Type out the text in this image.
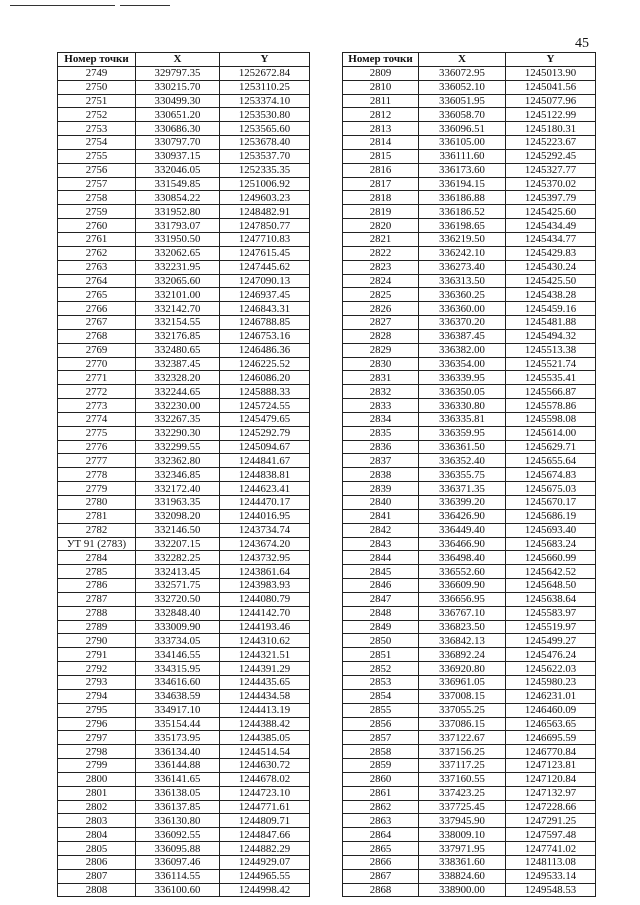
45
Номер точки	X	Y
2749	329797.35	1252672.84
2750	330215.70	1253110.25
2751	330499.30	1253374.10
2752	330651.20	1253530.80
2753	330686.30	1253565.60
2754	330797.70	1253678.40
2755	330937.15	1253537.70
2756	332046.05	1252335.35
2757	331549.85	1251006.92
2758	330854.22	1249603.23
2759	331952.80	1248482.91
2760	331793.07	1247850.77
2761	331950.50	1247710.83
2762	332062.65	1247615.45
2763	332231.95	1247445.62
2764	332065.60	1247090.13
2765	332101.00	1246937.45
2766	332142.70	1246843.31
2767	332154.55	1246788.85
2768	332176.85	1246753.16
2769	332480.65	1246486.36
2770	332387.45	1246225.52
2771	332328.20	1246086.20
2772	332244.65	1245888.33
2773	332230.00	1245724.55
2774	332267.35	1245479.65
2775	332290.30	1245292.79
2776	332299.55	1245094.67
2777	332362.80	1244841.67
2778	332346.85	1244838.81
2779	332172.40	1244623.41
2780	331963.35	1244470.17
2781	332098.20	1244016.95
2782	332146.50	1243734.74
УТ 91 (2783)	332207.15	1243674.20
2784	332282.25	1243732.95
2785	332413.45	1243861.64
2786	332571.75	1243983.93
2787	332720.50	1244080.79
2788	332848.40	1244142.70
2789	333009.90	1244193.46
2790	333734.05	1244310.62
2791	334146.55	1244321.51
2792	334315.95	1244391.29
2793	334616.60	1244435.65
2794	334638.59	1244434.58
2795	334917.10	1244413.19
2796	335154.44	1244388.42
2797	335173.95	1244385.05
2798	336134.40	1244514.54
2799	336144.88	1244630.72
2800	336141.65	1244678.02
2801	336138.05	1244723.10
2802	336137.85	1244771.61
2803	336130.80	1244809.71
2804	336092.55	1244847.66
2805	336095.88	1244882.29
2806	336097.46	1244929.07
2807	336114.55	1244965.55
2808	336100.60	1244998.42
Номер точки	X	Y
2809	336072.95	1245013.90
2810	336052.10	1245041.56
2811	336051.95	1245077.96
2812	336058.70	1245122.99
2813	336096.51	1245180.31
2814	336105.00	1245223.67
2815	336111.60	1245292.45
2816	336173.60	1245327.77
2817	336194.15	1245370.02
2818	336186.88	1245397.79
2819	336186.52	1245425.60
2820	336198.65	1245434.49
2821	336219.50	1245434.77
2822	336242.10	1245429.83
2823	336273.40	1245430.24
2824	336313.50	1245425.50
2825	336360.25	1245438.28
2826	336360.00	1245459.16
2827	336370.20	1245481.88
2828	336387.45	1245494.32
2829	336382.00	1245513.38
2830	336354.00	1245521.74
2831	336339.95	1245535.41
2832	336350.05	1245566.87
2833	336330.80	1245578.86
2834	336335.81	1245598.08
2835	336359.95	1245614.00
2836	336361.50	1245629.71
2837	336352.40	1245655.64
2838	336355.75	1245674.83
2839	336371.35	1245675.03
2840	336399.20	1245670.17
2841	336426.90	1245686.19
2842	336449.40	1245693.40
2843	336466.90	1245683.24
2844	336498.40	1245660.99
2845	336552.60	1245642.52
2846	336609.90	1245648.50
2847	336656.95	1245638.64
2848	336767.10	1245583.97
2849	336823.50	1245519.97
2850	336842.13	1245499.27
2851	336892.24	1245476.24
2852	336920.80	1245622.03
2853	336961.05	1245980.23
2854	337008.15	1246231.01
2855	337055.25	1246460.09
2856	337086.15	1246563.65
2857	337122.67	1246695.59
2858	337156.25	1246770.84
2859	337117.25	1247123.81
2860	337160.55	1247120.84
2861	337423.25	1247132.97
2862	337725.45	1247228.66
2863	337945.90	1247291.25
2864	338009.10	1247597.48
2865	337971.95	1247741.02
2866	338361.60	1248113.08
2867	338824.60	1249533.14
2868	338900.00	1249548.53
